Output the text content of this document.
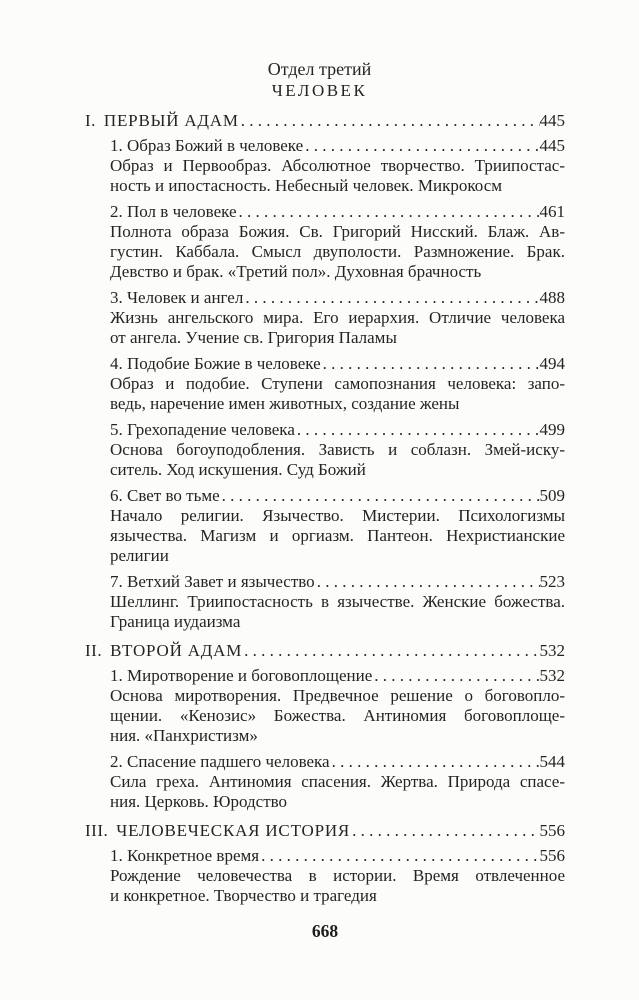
Отдел третий
ЧЕЛОВЕК
I. ПЕРВЫЙ АДАМ . . .	445
1. Образ Божий в человеке . . .	445
Образ и Первообраз. Абсолютное творчество. Триипостас-
ность и ипостасность. Небесный человек. Микрокосм
2. Пол в человеке . . .	461
Полнота образа Божия. Св. Григорий Нисский. Блаж. Ав-
густин. Каббала. Смысл двуполости. Размножение. Брак.
Девство и брак. «Третий пол». Духовная брачность
3. Человек и ангел . . .	488
Жизнь ангельского мира. Его иерархия. Отличие человека
от ангела. Учение св. Григория Паламы
4. Подобие Божие в человеке . . .	494
Образ и подобие. Ступени самопознания человека: запо-
ведь, наречение имен животных, создание жены
5. Грехопадение человека . . .	499
Основа богоуподобления. Зависть и соблазн. Змей-иску-
ситель. Ход искушения. Суд Божий
6. Свет во тьме . . .	509
Начало религии. Язычество. Мистерии. Психологизмы
язычества. Магизм и оргиазм. Пантеон. Нехристианские
религии
7. Ветхий Завет и язычество . . .	523
Шеллинг. Триипостасность в язычестве. Женские божества.
Граница иудаизма
II. ВТОРОЙ АДАМ . . .	532
1. Миротворение и боговоплощение . . .	532
Основа миротворения. Предвечное решение о боговопло-
щении. «Кенозис» Божества. Антиномия боговоплоще-
ния. «Панхристизм»
2. Спасение падшего человека . . .	544
Сила греха. Антиномия спасения. Жертва. Природа спасе-
ния. Церковь. Юродство
III. ЧЕЛОВЕЧЕСКАЯ ИСТОРИЯ . . .	556
1. Конкретное время . . .	556
Рождение человечества в истории. Время отвлеченное
и конкретное. Творчество и трагедия
668
